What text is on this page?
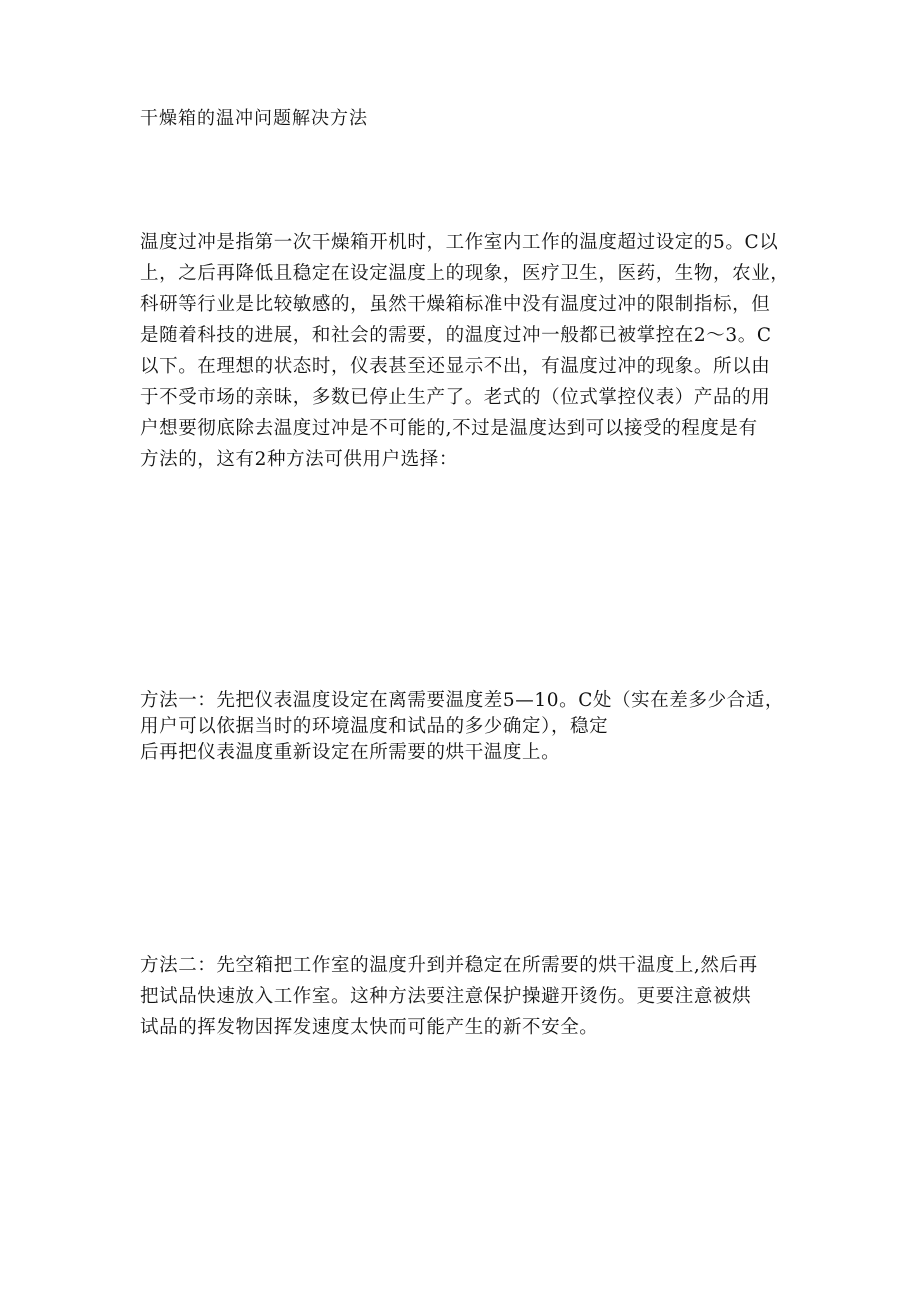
干燥箱的温冲问题解决方法
温度过冲是指第一次干燥箱开机时，工作室内工作的温度超过设定的5。C以
上，之后再降低且稳定在设定温度上的现象，医疗卫生，医药，生物，农业，
科研等行业是比较敏感的，虽然干燥箱标准中没有温度过冲的限制指标，但
是随着科技的进展，和社会的需要，的温度过冲一般都已被掌控在2～3。C
以下。在理想的状态时，仪表甚至还显示不出，有温度过冲的现象。所以由
于不受市场的亲昧，多数已停止生产了。老式的（位式掌控仪表）产品的用
户想要彻底除去温度过冲是不可能的,不过是温度达到可以接受的程度是有
方法的，这有2种方法可供用户选择：
方法一：先把仪表温度设定在离需要温度差5—10。C处（实在差多少合适，
用户可以依据当时的环境温度和试品的多少确定），稳定
后再把仪表温度重新设定在所需要的烘干温度上。
方法二：先空箱把工作室的温度升到并稳定在所需要的烘干温度上,然后再
把试品快速放入工作室。这种方法要注意保护操避开烫伤。更要注意被烘
试品的挥发物因挥发速度太快而可能产生的新不安全。
